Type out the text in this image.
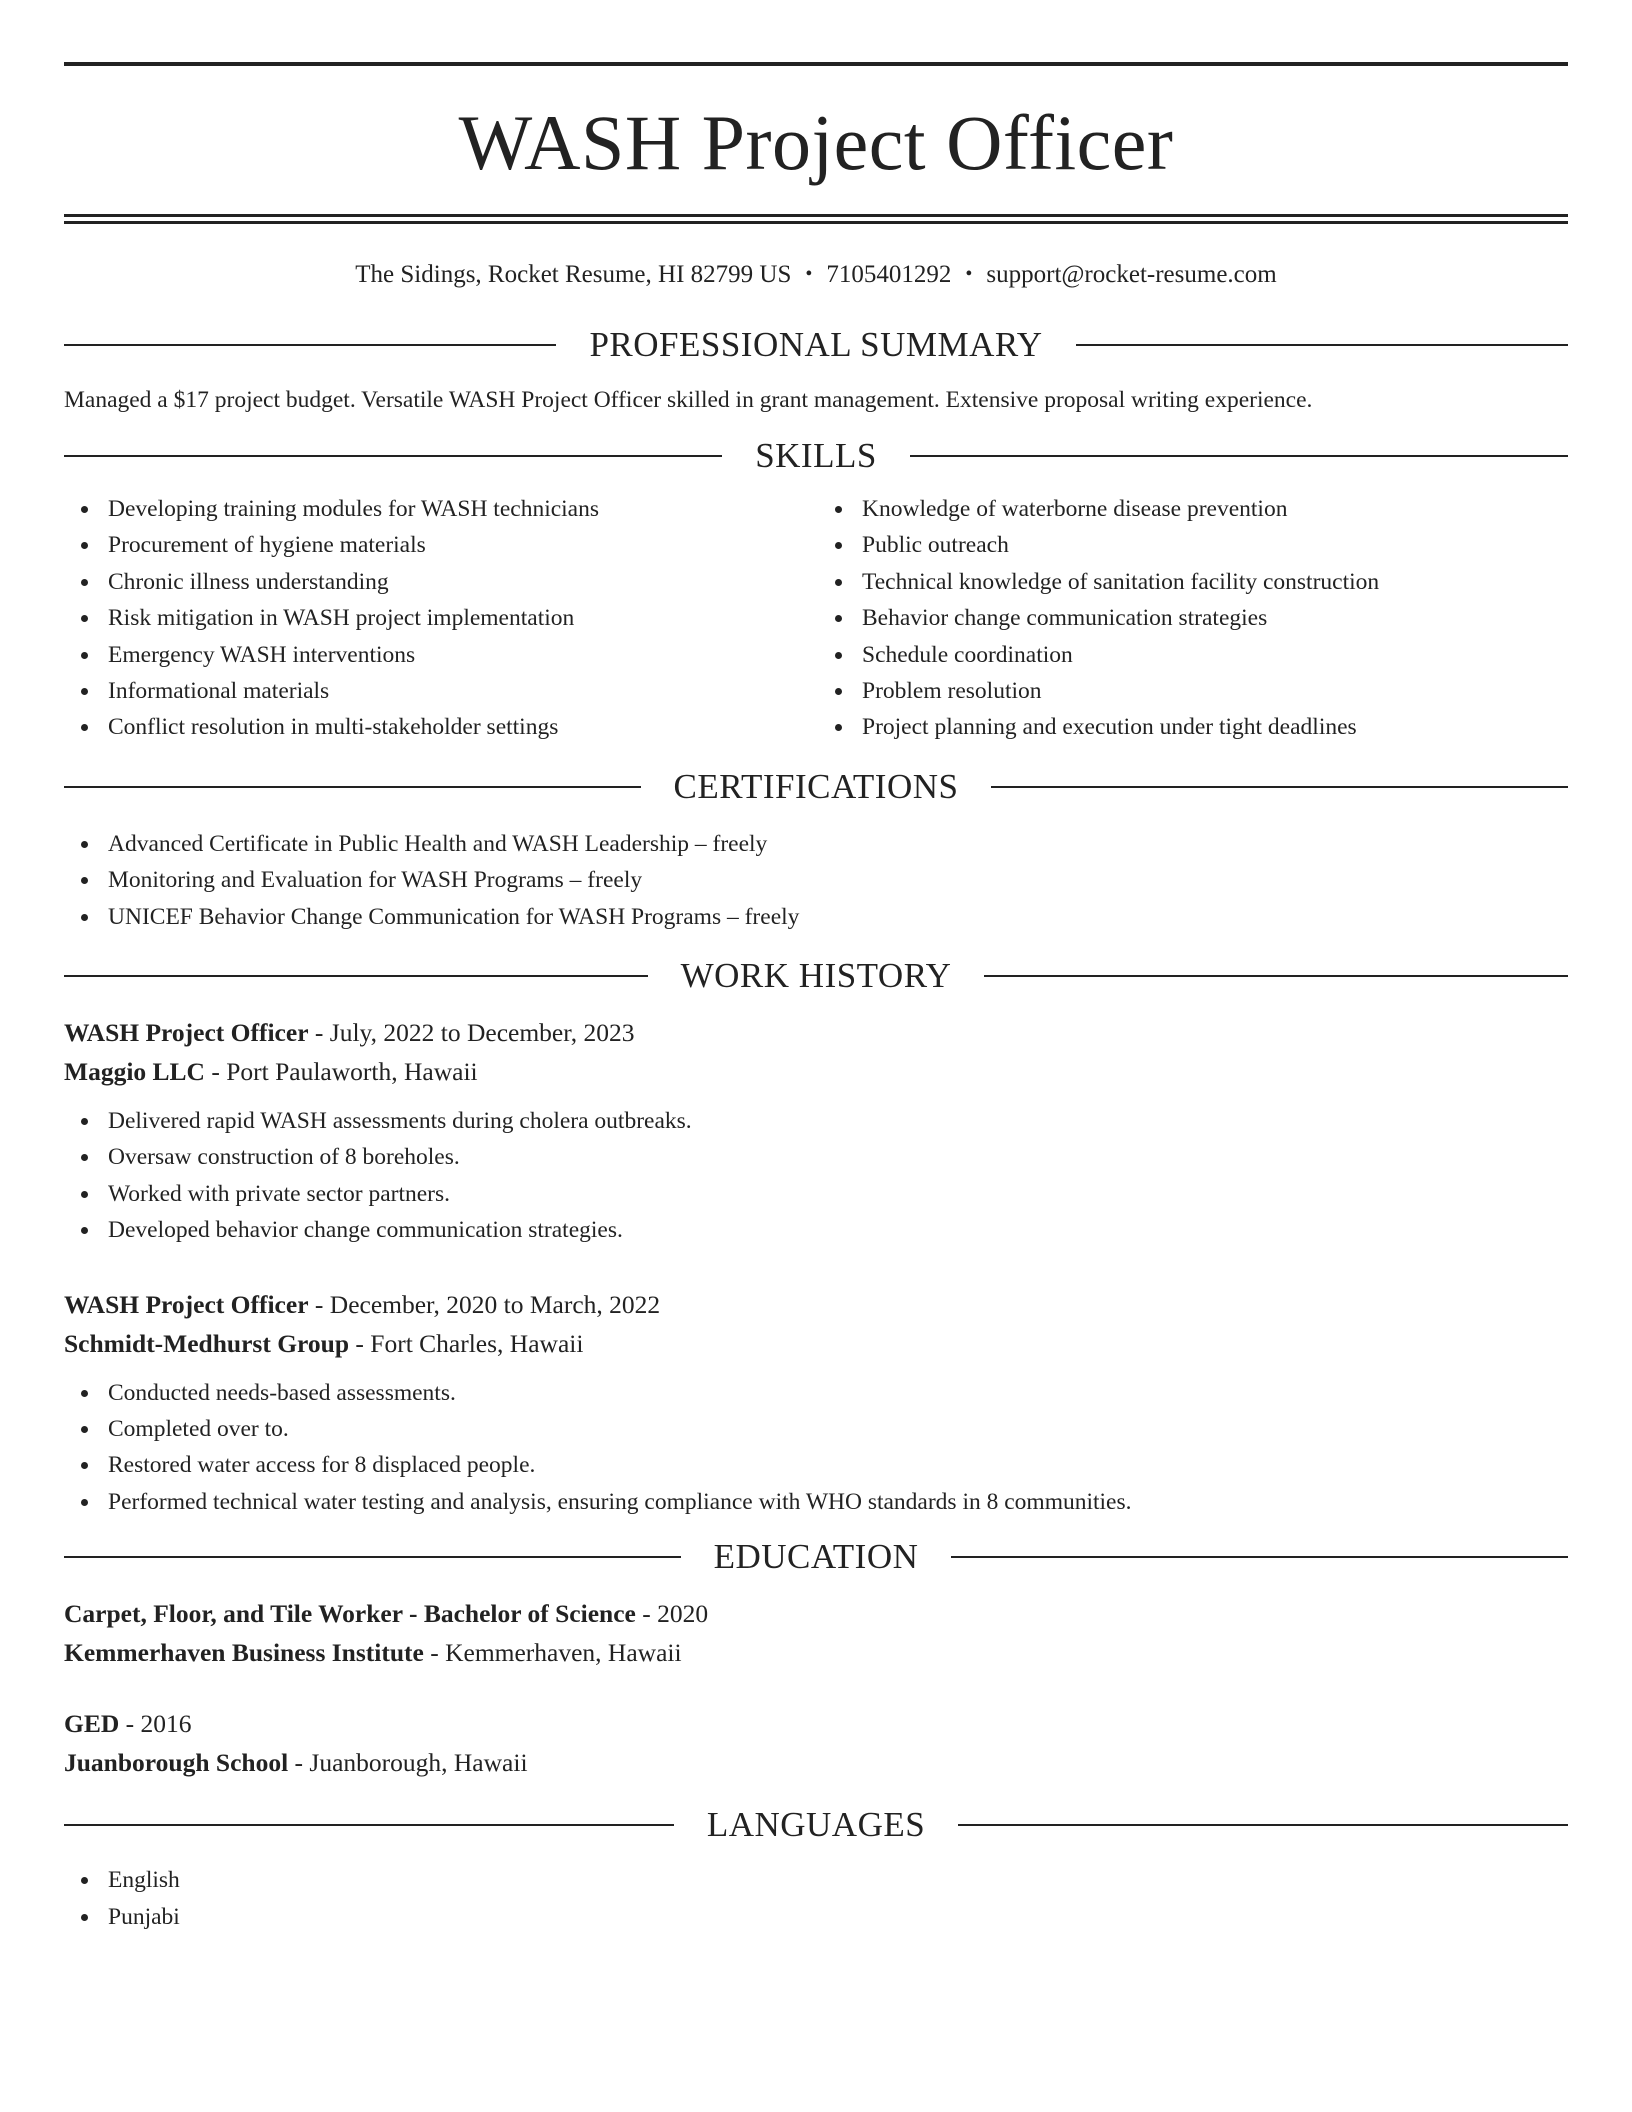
WASH Project Officer
The Sidings, Rocket Resume, HI 82799 US • 7105401292 • support@rocket-resume.com
PROFESSIONAL SUMMARY

Managed a $17 project budget. Versatile WASH Project Officer skilled in grant management. Extensive proposal writing experience.

SKILLS
Developing training modules for WASH technicians
Procurement of hygiene materials
Chronic illness understanding
Risk mitigation in WASH project implementation
Emergency WASH interventions
Informational materials
Conflict resolution in multi-stakeholder settings
Knowledge of waterborne disease prevention
Public outreach
Technical knowledge of sanitation facility construction
Behavior change communication strategies
Schedule coordination
Problem resolution
Project planning and execution under tight deadlines
CERTIFICATIONS
Advanced Certificate in Public Health and WASH Leadership – freely
Monitoring and Evaluation for WASH Programs – freely
UNICEF Behavior Change Communication for WASH Programs – freely
WORK HISTORY
WASH Project Officer - July, 2022 to December, 2023
Maggio LLC - Port Paulaworth, Hawaii
Delivered rapid WASH assessments during cholera outbreaks.
Oversaw construction of 8 boreholes.
Worked with private sector partners.
Developed behavior change communication strategies.
WASH Project Officer - December, 2020 to March, 2022
Schmidt-Medhurst Group - Fort Charles, Hawaii
Conducted needs-based assessments.
Completed over to.
Restored water access for 8 displaced people.
Performed technical water testing and analysis, ensuring compliance with WHO standards in 8 communities.
EDUCATION
Carpet, Floor, and Tile Worker - Bachelor of Science - 2020
Kemmerhaven Business Institute - Kemmerhaven, Hawaii
GED - 2016
Juanborough School - Juanborough, Hawaii
LANGUAGES
English
Punjabi
